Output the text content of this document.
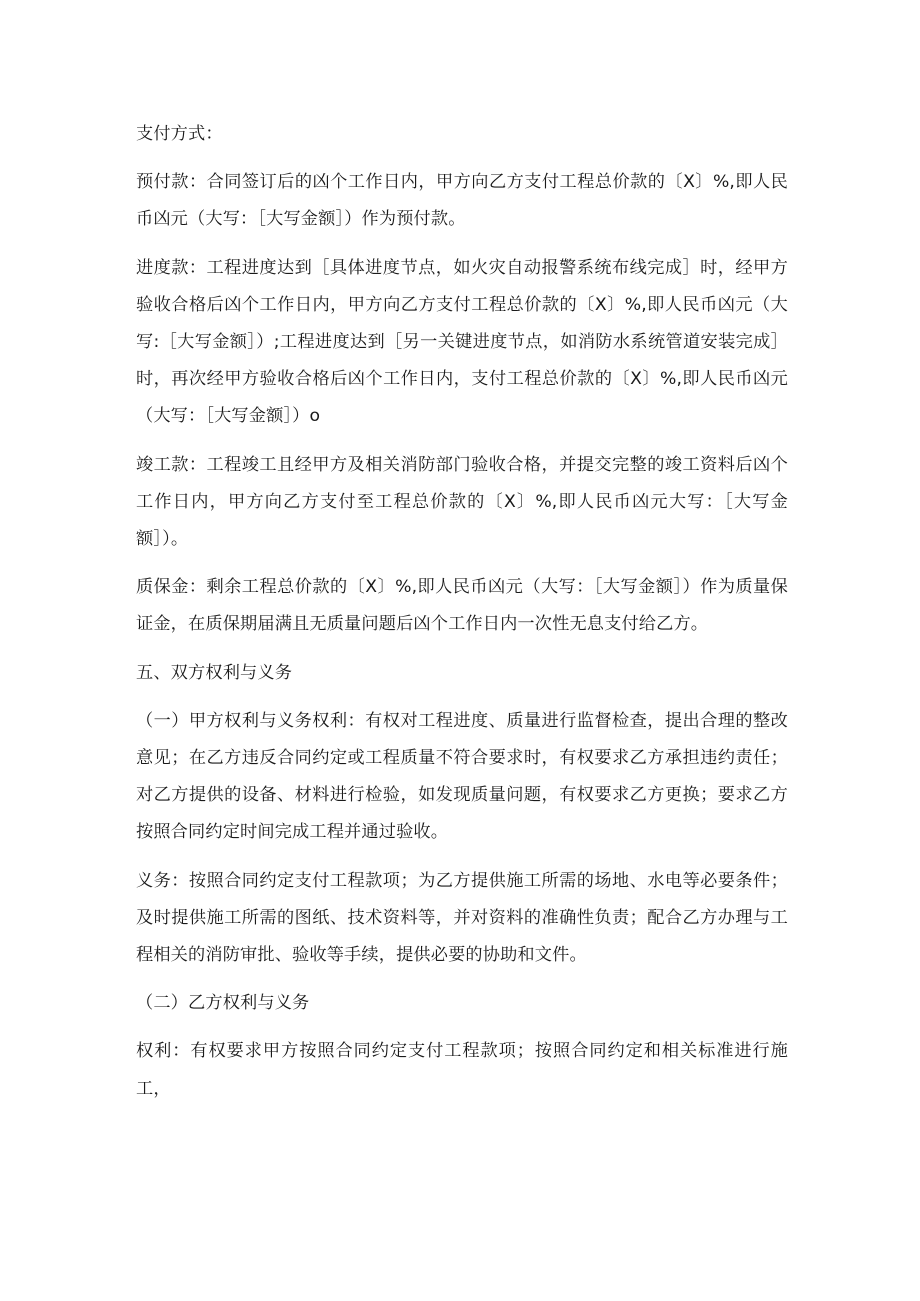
支付方式：

预付款：合同签订后的凶个工作日内，甲方向乙方支付工程总价款的〔X〕%,即人民币凶元（大写：［大写金额］）作为预付款。

进度款：工程进度达到［具体进度节点，如火灾自动报警系统布线完成］时，经甲方验收合格后凶个工作日内，甲方向乙方支付工程总价款的〔X〕%,即人民币凶元（大写:［大写金额］）;工程进度达到［另一关键进度节点，如消防水系统管道安装完成］时，再次经甲方验收合格后凶个工作日内，支付工程总价款的〔X〕%,即人民币凶元（大写：［大写金额］）o

竣工款：工程竣工且经甲方及相关消防部门验收合格，并提交完整的竣工资料后凶个工作日内，甲方向乙方支付至工程总价款的〔X〕%,即人民币凶元大写：［大写金额］）。

质保金：剩余工程总价款的〔X〕%,即人民币凶元（大写：［大写金额］）作为质量保证金，在质保期届满且无质量问题后凶个工作日内一次性无息支付给乙方。

五、双方权利与义务

（一）甲方权利与义务权利：有权对工程进度、质量进行监督检查，提出合理的整改意见；在乙方违反合同约定或工程质量不符合要求时，有权要求乙方承担违约责任；对乙方提供的设备、材料进行检验，如发现质量问题，有权要求乙方更换；要求乙方按照合同约定时间完成工程并通过验收。

义务：按照合同约定支付工程款项；为乙方提供施工所需的场地、水电等必要条件；及时提供施工所需的图纸、技术资料等，并对资料的准确性负责；配合乙方办理与工程相关的消防审批、验收等手续，提供必要的协助和文件。

（二）乙方权利与义务

权利：有权要求甲方按照合同约定支付工程款项；按照合同约定和相关标准进行施工，
